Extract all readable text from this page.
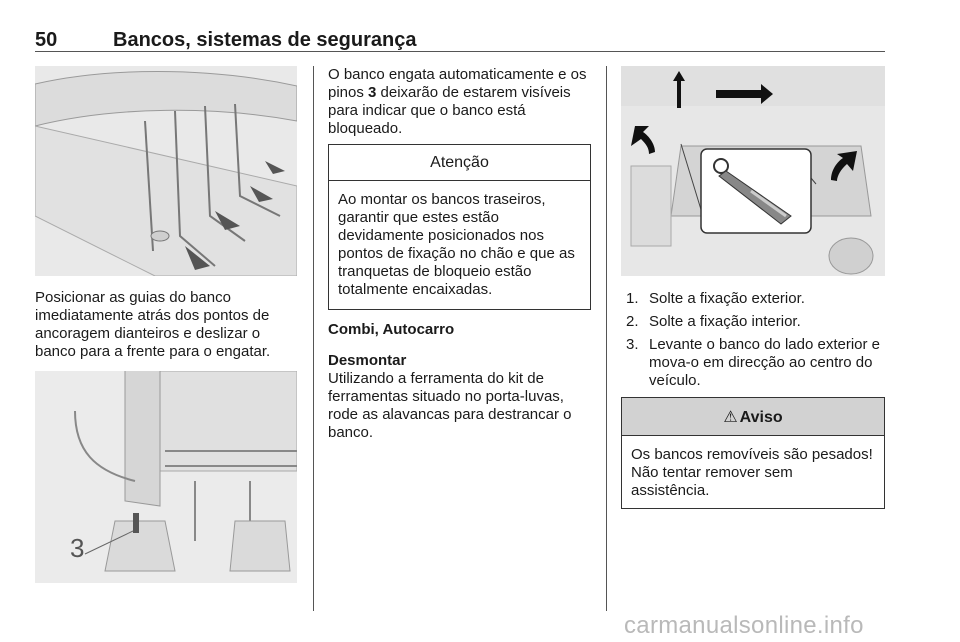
50	Bancos, sistemas de segurança
Posicionar as guias do banco imediatamente atrás dos pontos de ancoragem dianteiros e deslizar o banco para a frente para o engatar.
3
O banco engata automaticamente e os pinos 3 deixarão de estarem visíveis para indicar que o banco está bloqueado.
Atenção
Ao montar os bancos traseiros, garantir que estes estão devidamente posicionados nos pontos de fixação no chão e que as tranquetas de bloqueio estão totalmente encaixadas.
Combi, Autocarro
Desmontar
Utilizando a ferramenta do kit de ferramentas situado no porta-luvas, rode as alavancas para destrancar o banco.
1. Solte a fixação exterior.
2. Solte a fixação interior.
3. Levante o banco do lado exterior e mova-o em direcção ao centro do veículo.
⚠ Aviso
Os bancos removíveis são pesados! Não tentar remover sem assistência.
carmanualsonline.info
